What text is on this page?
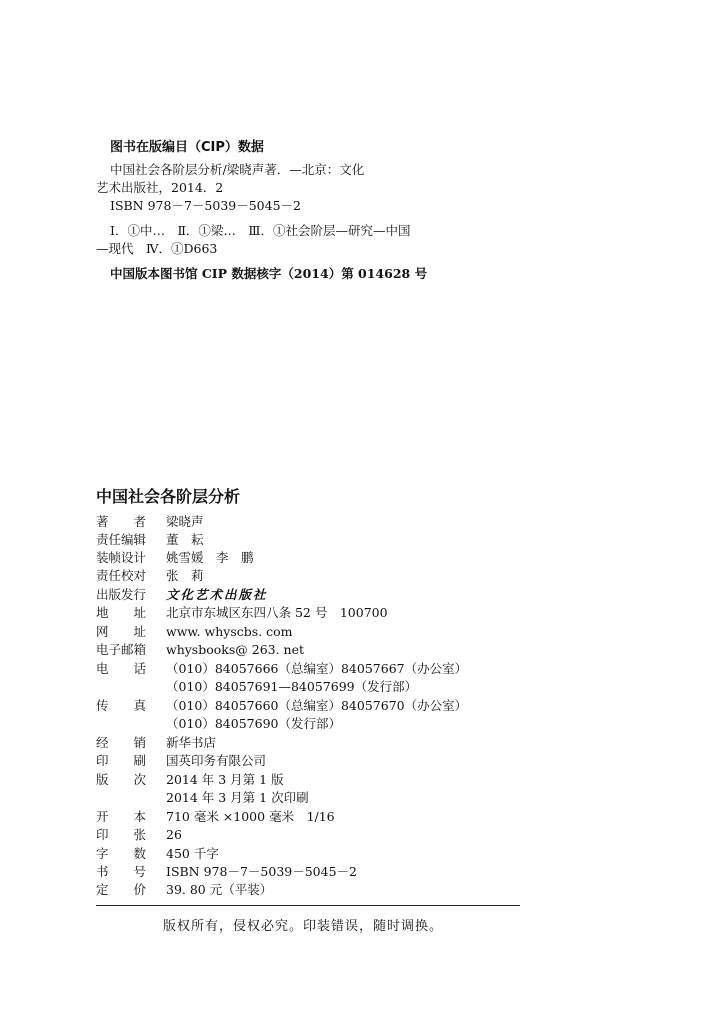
图书在版编目（CIP）数据
中国社会各阶层分析/梁晓声著．—北京：文化
艺术出版社，2014．2
ISBN 978－7－5039－5045－2
Ⅰ．①中…　Ⅱ．①梁…　Ⅲ．①社会阶层—研究—中国
—现代　Ⅳ．①D663
中国版本图书馆 CIP 数据核字（2014）第 014628 号
中国社会各阶层分析
著　　者 梁晓声
责任编辑 董　耘
装帧设计 姚雪媛　李　鹏
责任校对 张　莉
出版发行 文化艺术出版社
地　　址 北京市东城区东四八条 52 号　100700
网　　址 www. whyscbs. com
电子邮箱 whysbooks@ 263. net
电　　话 （010）84057666（总编室）84057667（办公室）
（010）84057691—84057699（发行部）
传　　真 （010）84057660（总编室）84057670（办公室）
（010）84057690（发行部）
经　　销 新华书店
印　　刷 国英印务有限公司
版　　次 2014 年 3 月第 1 版
2014 年 3 月第 1 次印刷
开　　本 710 毫米 ×1000 毫米　1/16
印　　张 26
字　　数 450 千字
书　　号 ISBN 978－7－5039－5045－2
定　　价 39. 80 元（平装）
版权所有，侵权必究。印装错误，随时调换。
